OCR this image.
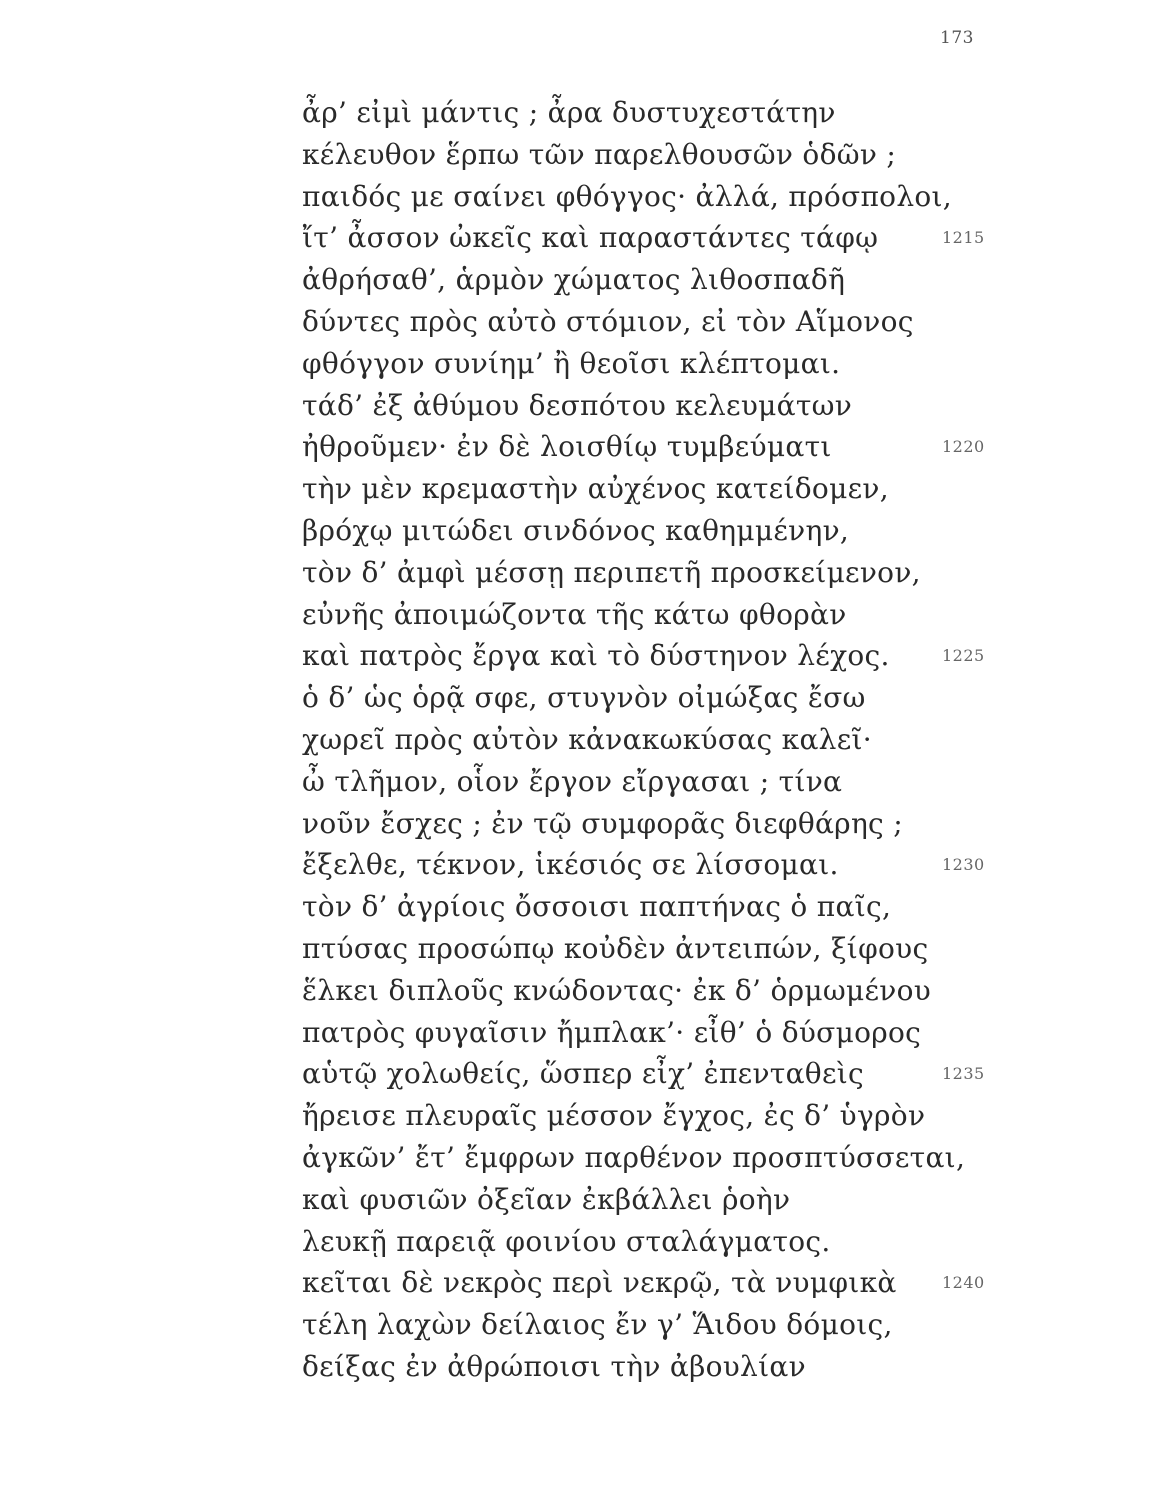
173
ἆρ’ εἰμὶ μάντις ; ἆρα δυστυχεστάτην
κέλευθον ἕρπω τῶν παρελθουσῶν ὁδῶν ;
παιδός με σαίνει φθόγγος· ἀλλά, πρόσπολοι,
ἴτ’ ἆσσον ὠκεῖς καὶ παραστάντες τάφῳ	1215
ἀθρήσαθ’, ἁρμὸν χώματος λιθοσπαδῆ
δύντες πρὸς αὐτὸ στόμιον, εἰ τὸν Αἵμονος
φθόγγον συνίημ’ ἢ θεοῖσι κλέπτομαι.
τάδ’ ἐξ ἀθύμου δεσπότου κελευμάτων
ἠθροῦμεν· ἐν δὲ λοισθίῳ τυμβεύματι	1220
τὴν μὲν κρεμαστὴν αὐχένος κατείδομεν,
βρόχῳ μιτώδει σινδόνος καθημμένην,
τὸν δ’ ἀμφὶ μέσσῃ περιπετῆ προσκείμενον,
εὐνῆς ἀποιμώζοντα τῆς κάτω φθορὰν
καὶ πατρὸς ἔργα καὶ τὸ δύστηνον λέχος.	1225
ὁ δ’ ὡς ὁρᾷ σφε, στυγνὸν οἰμώξας ἔσω
χωρεῖ πρὸς αὐτὸν κἀνακωκύσας καλεῖ·
ὦ τλῆμον, οἷον ἔργον εἴργασαι ; τίνα
νοῦν ἔσχες ; ἐν τῷ συμφορᾶς διεφθάρης ;
ἔξελθε, τέκνον, ἱκέσιός σε λίσσομαι.	1230
τὸν δ’ ἀγρίοις ὄσσοισι παπτήνας ὁ παῖς,
πτύσας προσώπῳ κοὐδὲν ἀντειπών, ξίφους
ἕλκει διπλοῦς κνώδοντας· ἐκ δ’ ὁρμωμένου
πατρὸς φυγαῖσιν ἤμπλακ’· εἶθ’ ὁ δύσμορος
αὑτῷ χολωθείς, ὥσπερ εἶχ’ ἐπενταθεὶς	1235
ἤρεισε πλευραῖς μέσσον ἔγχος, ἐς δ’ ὑγρὸν
ἀγκῶν’ ἔτ’ ἔμφρων παρθένον προσπτύσσεται,
καὶ φυσιῶν ὀξεῖαν ἐκβάλλει ῥοὴν
λευκῇ παρειᾷ φοινίου σταλάγματος.
κεῖται δὲ νεκρὸς περὶ νεκρῷ, τὰ νυμφικὰ	1240
τέλη λαχὼν δείλαιος ἔν γ’ Ἅιδου δόμοις,
δείξας ἐν ἀθρώποισι τὴν ἀβουλίαν
